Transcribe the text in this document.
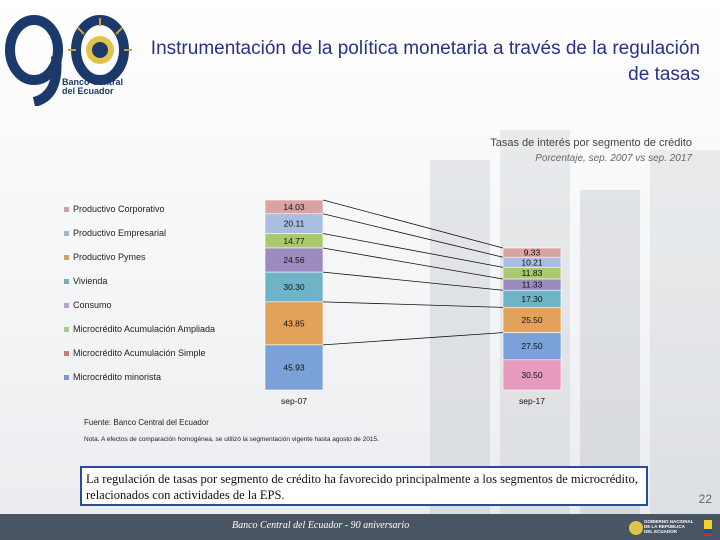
Banco Central
del Ecuador
Instrumentación de la política monetaria a través de la regulación de tasas
Tasas de interés por segmento de crédito
Porcentaje, sep. 2007 vs sep. 2017
Productivo Corporativo
Productivo Empresarial
Productivo Pymes
Vivienda
Consumo
Microcrédito Acumulación Ampliada
Microcrédito Acumulación Simple
Microcrédito minorista
14.03
20.11
14.77
24.56
30.30
43.85
45.93
sep-07
9.33
10.21
11.83
11.33
17.30
25.50
27.50
30.50
sep-17
Fuente: Banco Central del Ecuador
Nota. A efectos de comparación homogénea, se utilizó la segmentación vigente hasta agosto de 2015.
La regulación de tasas por segmento de crédito ha favorecido principalmente a los segmentos de microcrédito, relacionados con actividades de la EPS.	22
Banco Central del Ecuador - 90 aniversario	GOBIERNO NACIONAL DE LA REPÚBLICA DEL ECUADOR
